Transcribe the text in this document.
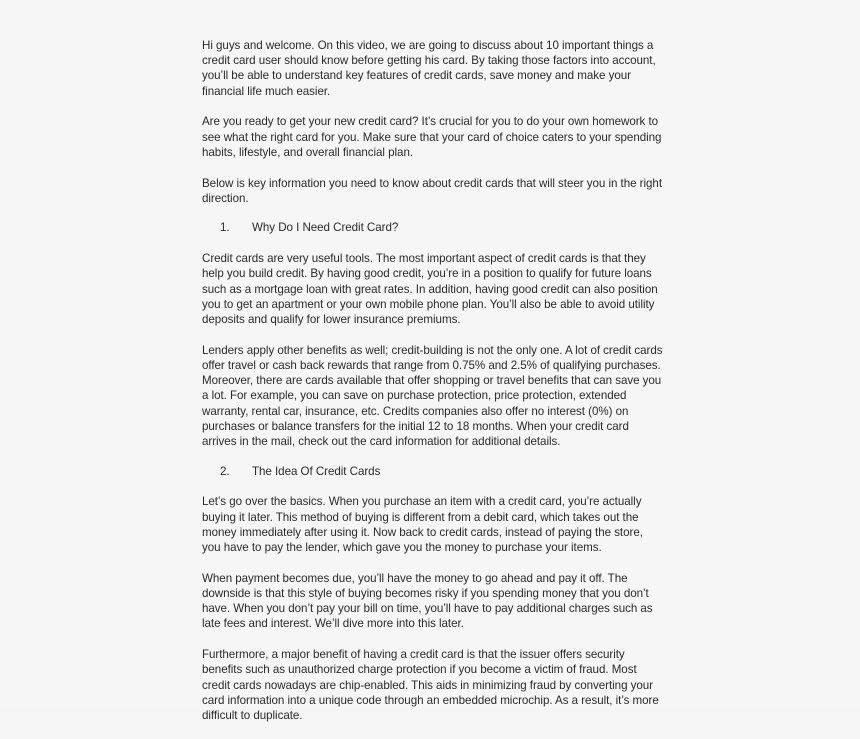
Hi guys and welcome. On this video, we are going to discuss about 10 important things a credit card user should know before getting his card. By taking those factors into account, you’ll be able to understand key features of credit cards, save money and make your financial life much easier.

Are you ready to get your new credit card? It’s crucial for you to do your own homework to see what the right card for you. Make sure that your card of choice caters to your spending habits, lifestyle, and overall financial plan.

Below is key information you need to know about credit cards that will steer you in the right direction.

1.	Why Do I Need Credit Card?

Credit cards are very useful tools. The most important aspect of credit cards is that they help you build credit. By having good credit, you’re in a position to qualify for future loans such as a mortgage loan with great rates. In addition, having good credit can also position you to get an apartment or your own mobile phone plan. You’ll also be able to avoid utility deposits and qualify for lower insurance premiums.

Lenders apply other benefits as well; credit-building is not the only one. A lot of credit cards offer travel or cash back rewards that range from 0.75% and 2.5% of qualifying purchases. Moreover, there are cards available that offer shopping or travel benefits that can save you a lot. For example, you can save on purchase protection, price protection, extended warranty, rental car, insurance, etc. Credits companies also offer no interest (0%) on purchases or balance transfers for the initial 12 to 18 months. When your credit card arrives in the mail, check out the card information for additional details.

2.	The Idea Of Credit Cards

Let’s go over the basics. When you purchase an item with a credit card, you’re actually buying it later. This method of buying is different from a debit card, which takes out the money immediately after using it. Now back to credit cards, instead of paying the store, you have to pay the lender, which gave you the money to purchase your items.

When payment becomes due, you’ll have the money to go ahead and pay it off. The downside is that this style of buying becomes risky if you spending money that you don’t have. When you don’t pay your bill on time, you’ll have to pay additional charges such as late fees and interest. We’ll dive more into this later.

Furthermore, a major benefit of having a credit card is that the issuer offers security benefits such as unauthorized charge protection if you become a victim of fraud. Most credit cards nowadays are chip-enabled. This aids in minimizing fraud by converting your card information into a unique code through an embedded microchip. As a result, it’s more difficult to duplicate.
